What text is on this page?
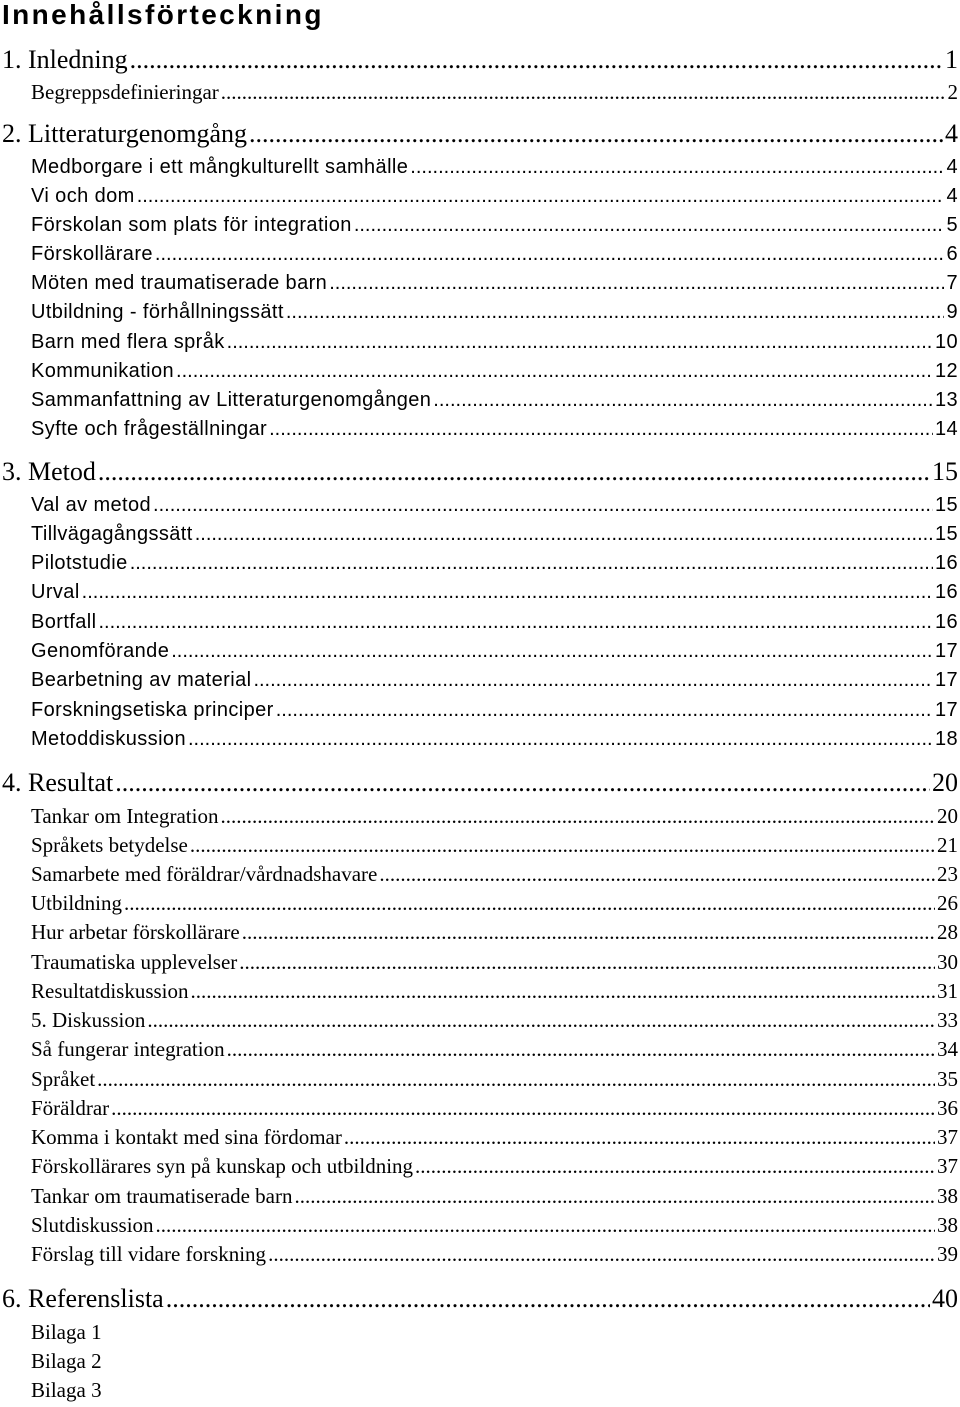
Innehållsförteckning
1. Inledning .....	1
Begreppsdefinieringar .....	2
2. Litteraturgenomgång .....	4
Medborgare i ett mångkulturellt samhälle .....	4
Vi och dom .....	4
Förskolan som plats för integration .....	5
Förskollärare .....	6
Möten med traumatiserade barn .....	7
Utbildning - förhållningssätt .....	9
Barn med flera språk .....	10
Kommunikation .....	12
Sammanfattning av Litteraturgenomgången .....	13
Syfte och frågeställningar .....	14
3. Metod .....	15
Val av metod .....	15
Tillvägagångssätt .....	15
Pilotstudie .....	16
Urval .....	16
Bortfall .....	16
Genomförande .....	17
Bearbetning av material .....	17
Forskningsetiska principer .....	17
Metoddiskussion .....	18
4. Resultat .....	20
Tankar om Integration .....	20
Språkets betydelse .....	21
Samarbete med föräldrar/vårdnadshavare .....	23
Utbildning .....	26
Hur arbetar förskollärare .....	28
Traumatiska upplevelser .....	30
Resultatdiskussion .....	31
5. Diskussion .....	33
Så fungerar integration .....	34
Språket .....	35
Föräldrar .....	36
Komma i kontakt med sina fördomar .....	37
Förskollärares syn på kunskap och utbildning .....	37
Tankar om traumatiserade barn .....	38
Slutdiskussion .....	38
Förslag till vidare forskning .....	39
6. Referenslista .....	40
Bilaga 1
Bilaga 2
Bilaga 3
